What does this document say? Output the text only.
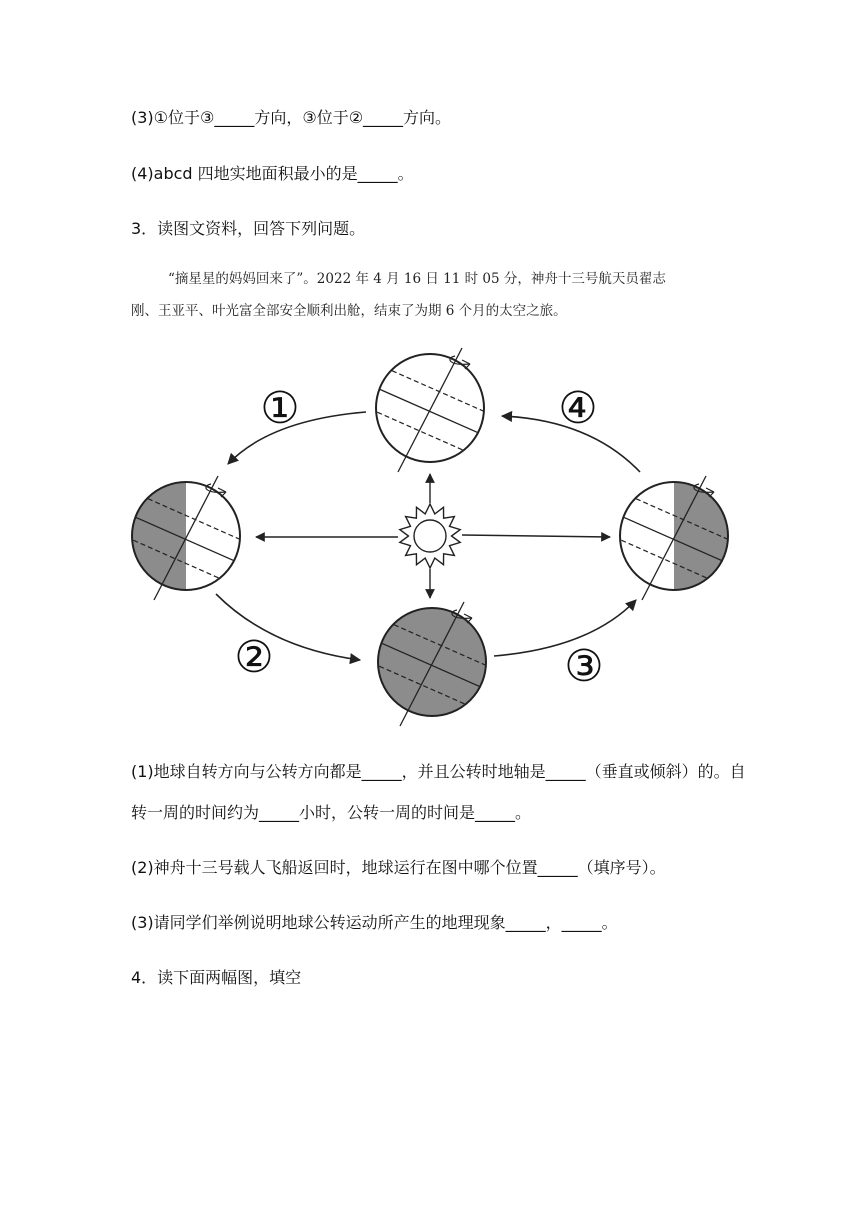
(3)①位于③_____方向，③位于②_____方向。
(4)abcd 四地实地面积最小的是_____。
3．读图文资料，回答下列问题。
“摘星星的妈妈回来了”。2022 年 4 月 16 日 11 时 05 分，神舟十三号航天员翟志
刚、王亚平、叶光富全部安全顺利出舱，结束了为期 6 个月的太空之旅。
①	④
②	③
(1)地球自转方向与公转方向都是_____，并且公转时地轴是_____（垂直或倾斜）的。自
转一周的时间约为_____小时，公转一周的时间是_____。
(2)神舟十三号载人飞船返回时，地球运行在图中哪个位置_____（填序号）。
(3)请同学们举例说明地球公转运动所产生的地理现象_____，_____。
4．读下面两幅图，填空
